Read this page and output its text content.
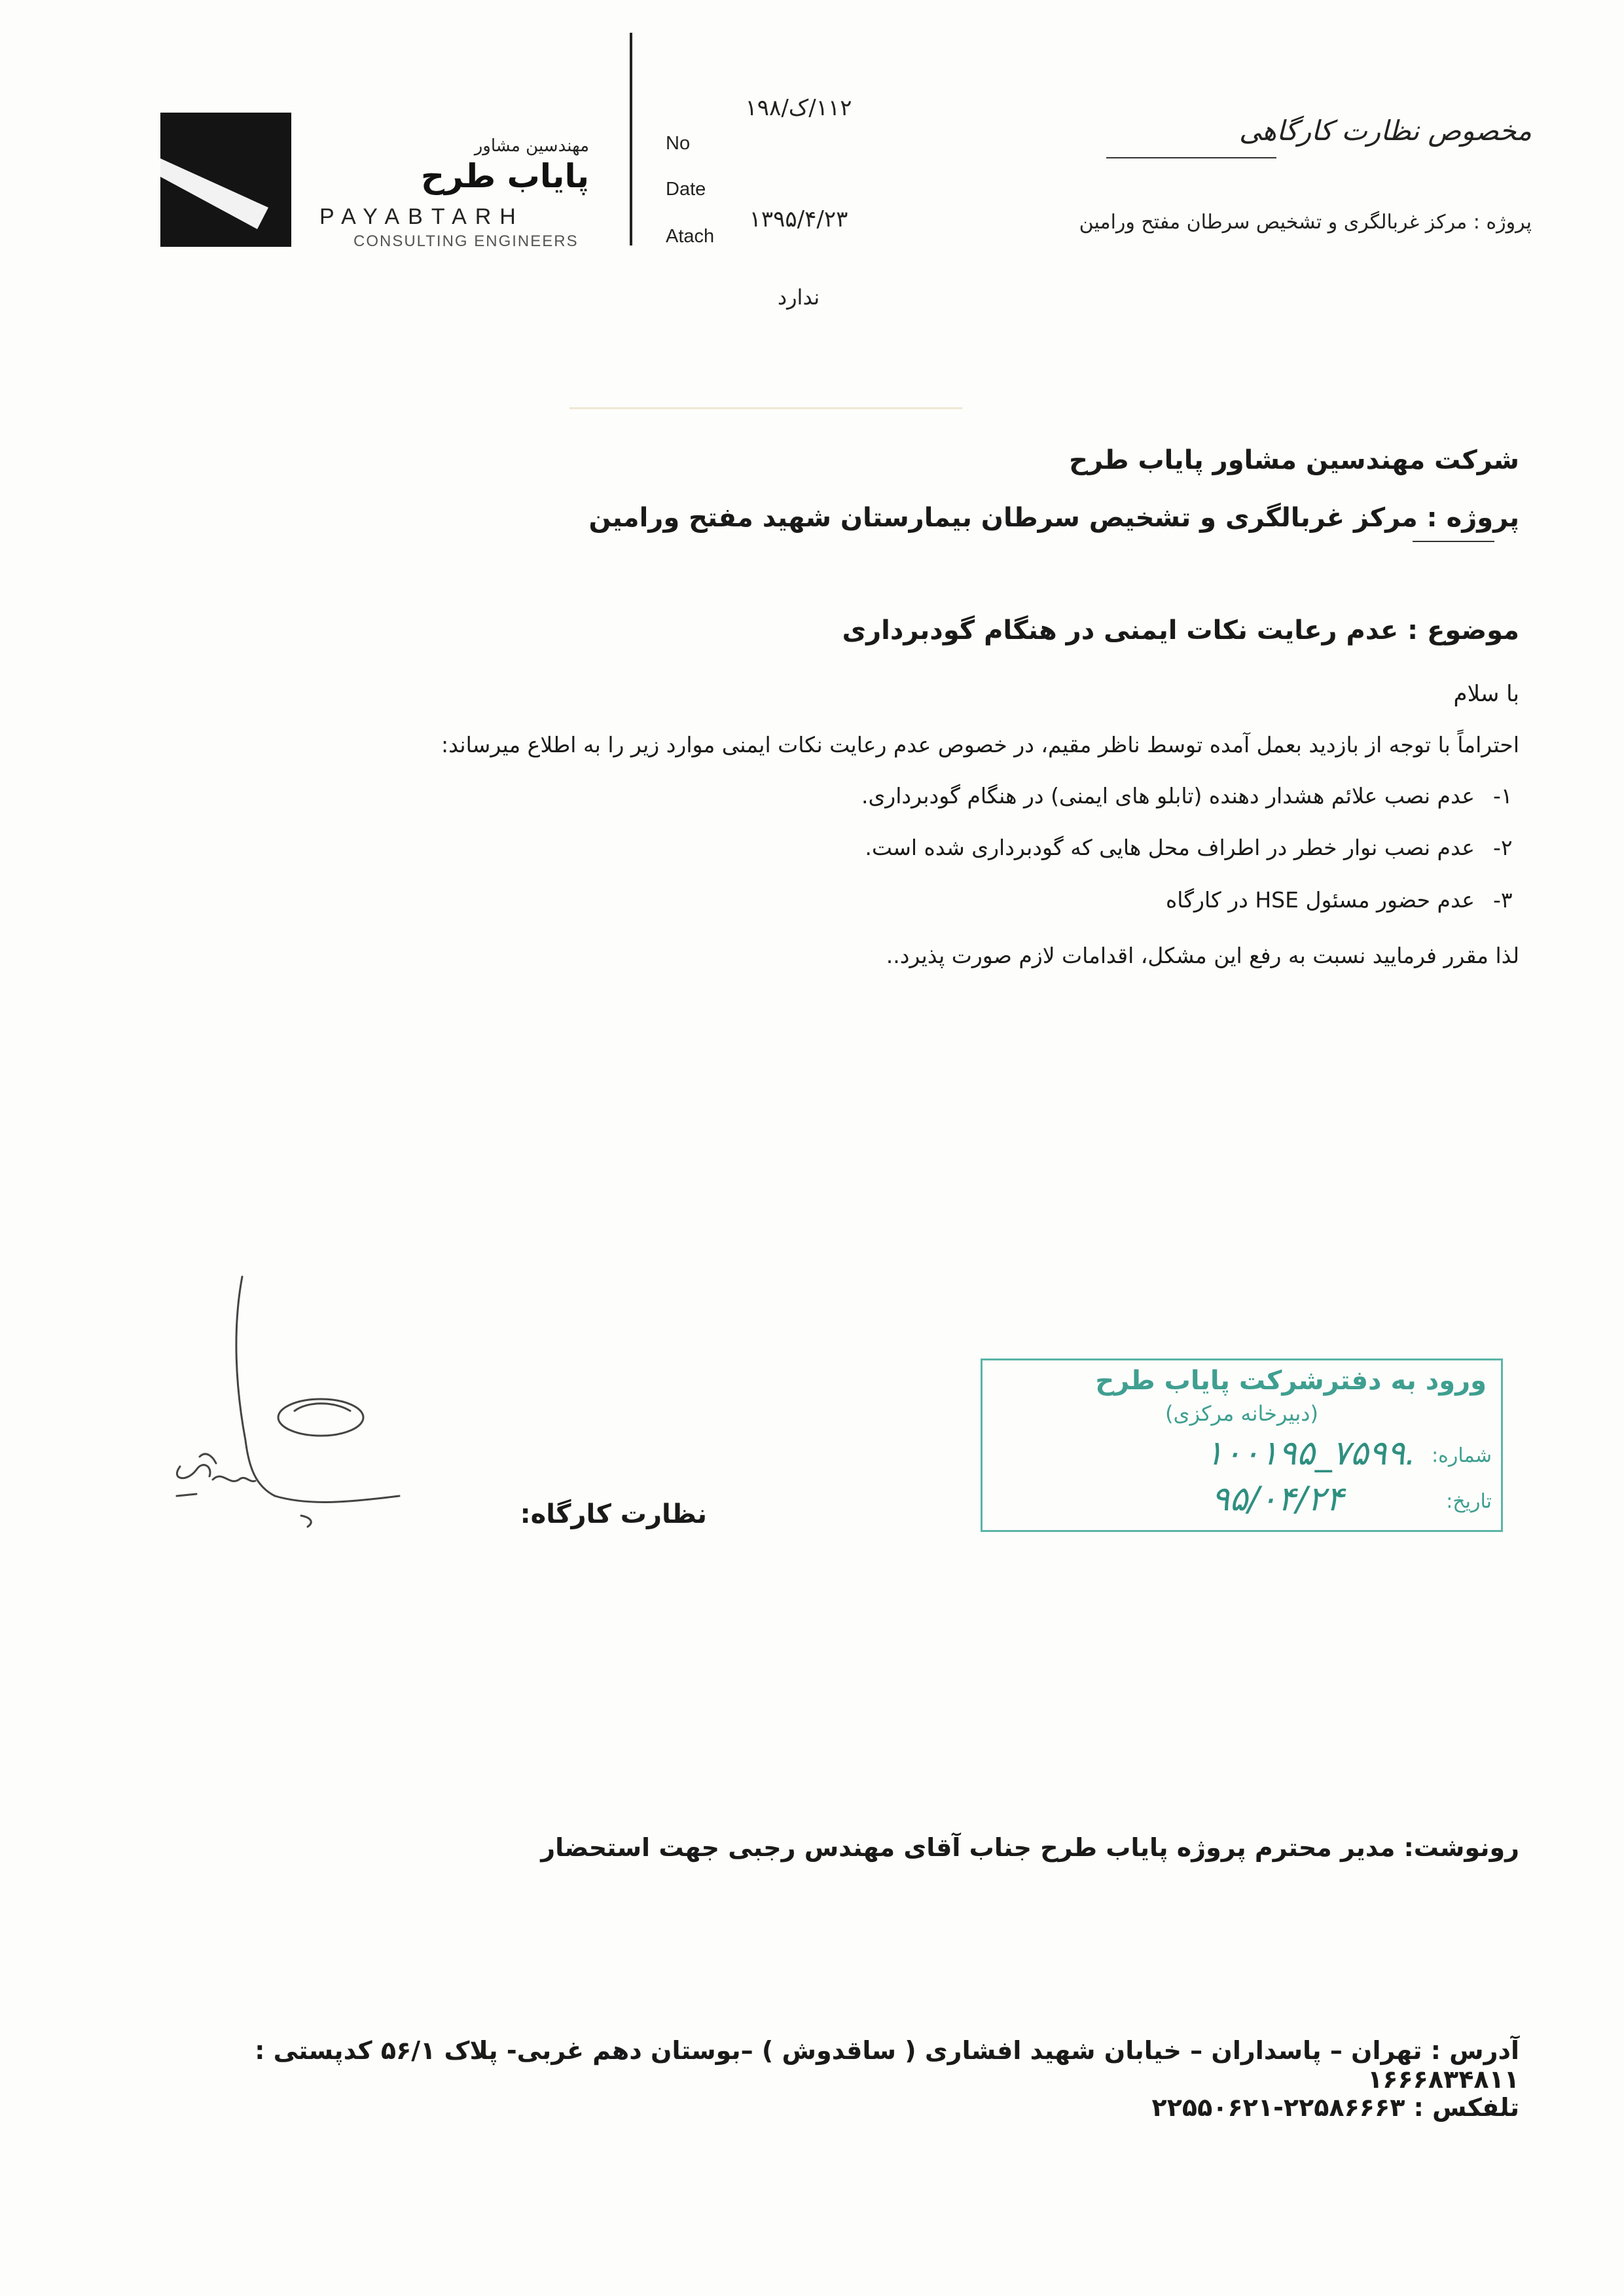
مهندسین مشاور
پایاب طرح
PAYABTARH
CONSULTING ENGINEERS
No
Date
Atach
۱۱۲/ک/۱۹۸
۱۳۹۵/۴/۲۳
ندارد
مخصوص نظارت کارگاهی
پروژه : مرکز غربالگری و تشخیص سرطان مفتح ورامین
شرکت مهندسین مشاور پایاب طرح
پروژه : مرکز غربالگری و تشخیص سرطان بیمارستان شهید مفتح ورامین
موضوع : عدم رعایت نکات ایمنی در هنگام گودبرداری
با سلام
احتراماً با توجه از بازدید بعمل آمده توسط ناظر مقیم، در خصوص عدم رعایت نکات ایمنی موارد زیر را به اطلاع میرساند:
۱-عدم نصب علائم هشدار دهنده (تابلو های ایمنی) در هنگام گودبرداری.
۲-عدم نصب نوار خطر در اطراف محل هایی که گودبرداری شده است.
۳-عدم حضور مسئول HSE در کارگاه
لذا مقرر فرمایید نسبت به رفع این مشکل، اقدامات لازم صورت پذیرد..
نظارت کارگاه:
ورود به دفترشرکت پایاب طرح
(دبیرخانه مرکزی)
شماره:
۱۰۰۱۹۵_۷۵۹۹.
تاریخ:
۹۵/۰۴/۲۴
رونوشت: مدیر محترم پروژه پایاب طرح جناب آقای مهندس رجبی جهت استحضار
آدرس : تهران – پاسداران – خیابان شهید افشاری ( ساقدوش ) –بوستان دهم غربی- پلاک ۵۶/۱ کدپستی : ۱۶۶۶۸۳۴۸۱۱
تلفکس : ۲۲۵۸۶۶۶۳-۲۲۵۵۰۶۲۱
